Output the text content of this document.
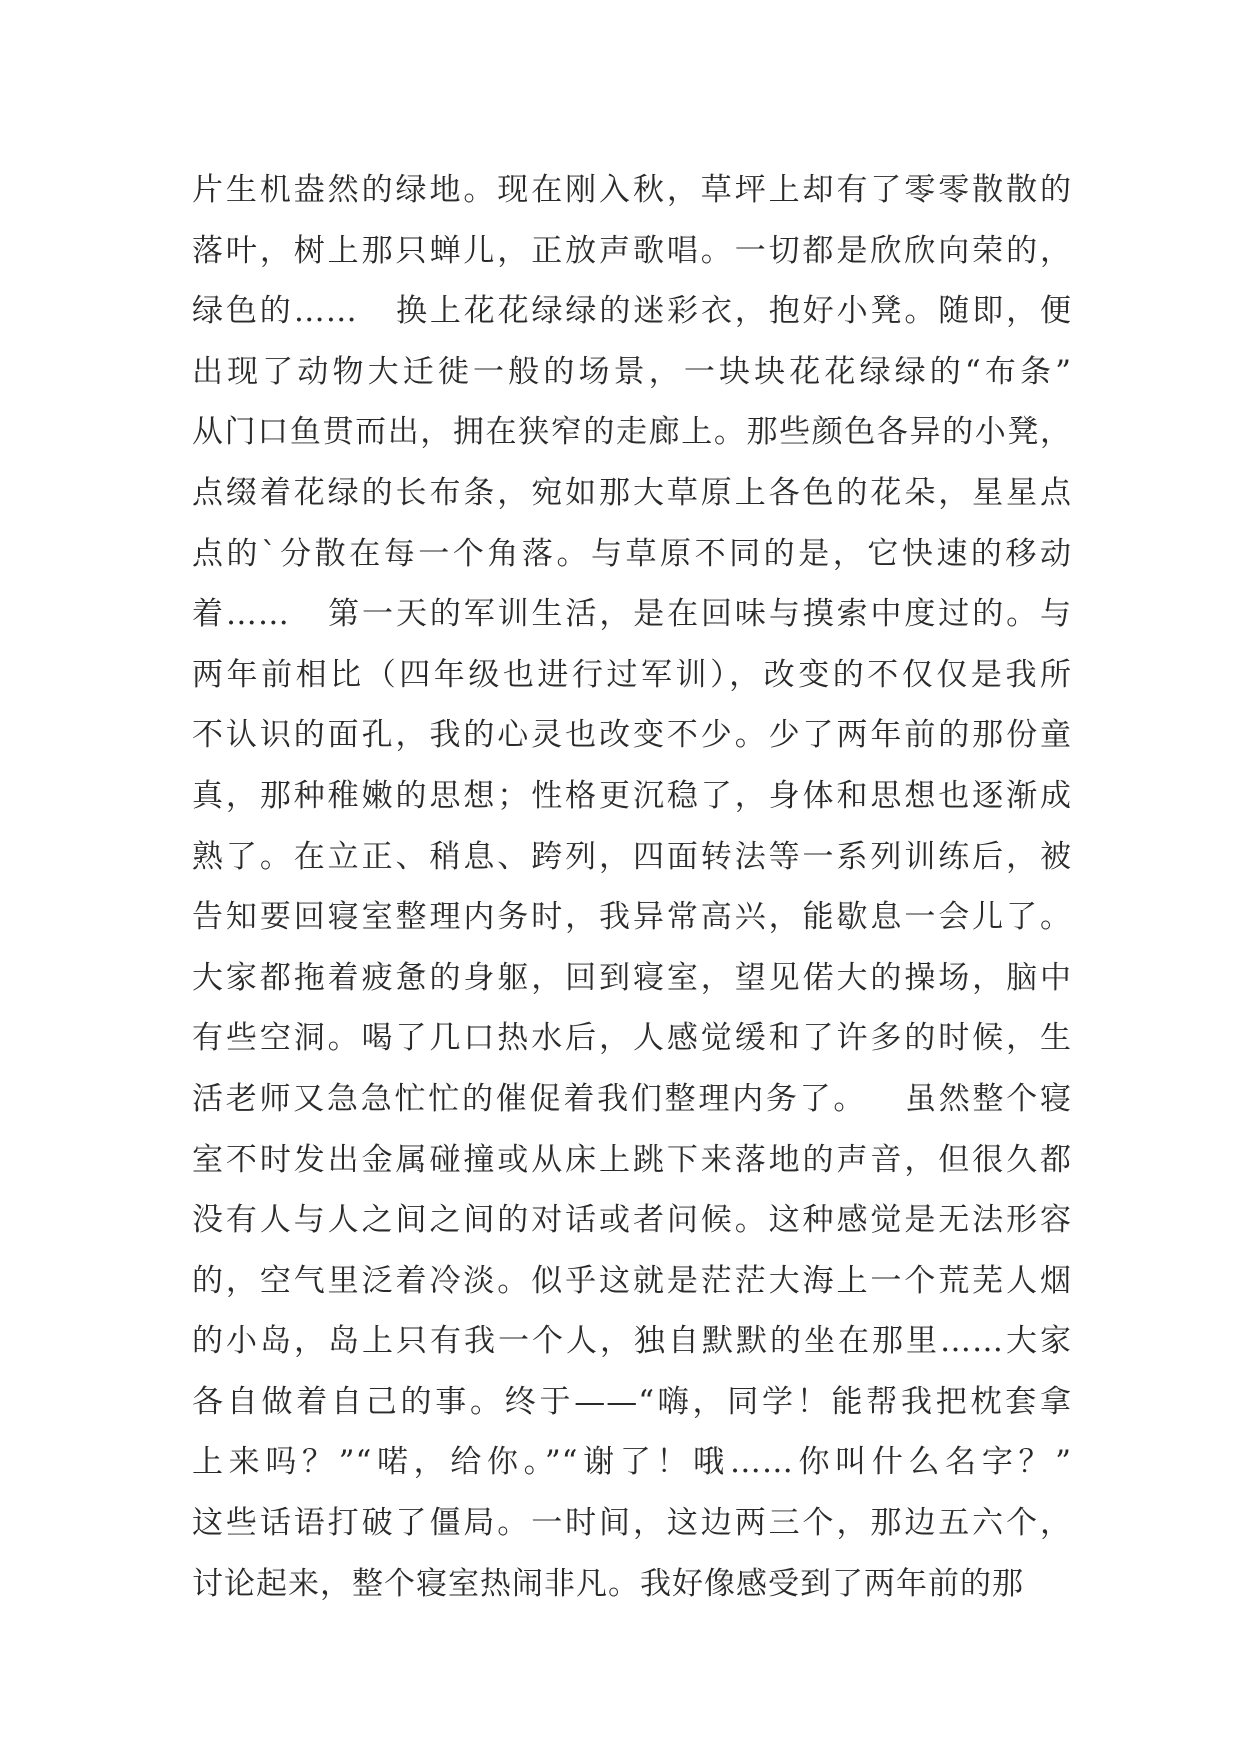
片生机盎然的绿地。现在刚入秋，草坪上却有了零零散散的
落叶，树上那只蝉儿，正放声歌唱。一切都是欣欣向荣的，
绿色的……   换上花花绿绿的迷彩衣，抱好小凳。随即，便
出现了动物大迁徙一般的场景，一块块花花绿绿的“布条”
从门口鱼贯而出，拥在狭窄的走廊上。那些颜色各异的小凳，
点缀着花绿的长布条，宛如那大草原上各色的花朵，星星点
点的`分散在每一个角落。与草原不同的是，它快速的移动
着……   第一天的军训生活，是在回味与摸索中度过的。与
两年前相比（四年级也进行过军训），改变的不仅仅是我所
不认识的面孔，我的心灵也改变不少。少了两年前的那份童
真，那种稚嫩的思想；性格更沉稳了，身体和思想也逐渐成
熟了。在立正、稍息、跨列，四面转法等一系列训练后，被
告知要回寝室整理内务时，我异常高兴，能歇息一会儿了。
大家都拖着疲惫的身躯，回到寝室，望见偌大的操场，脑中
有些空洞。喝了几口热水后，人感觉缓和了许多的时候，生
活老师又急急忙忙的催促着我们整理内务了。   虽然整个寝
室不时发出金属碰撞或从床上跳下来落地的声音，但很久都
没有人与人之间之间的对话或者问候。这种感觉是无法形容
的，空气里泛着冷淡。似乎这就是茫茫大海上一个荒芜人烟
的小岛，岛上只有我一个人，独自默默的坐在那里……大家
各自做着自己的事。终于——“嗨，同学！能帮我把枕套拿
上来吗？”“喏，给你。”“谢了！哦……你叫什么名字？”
这些话语打破了僵局。一时间，这边两三个，那边五六个，
讨论起来，整个寝室热闹非凡。我好像感受到了两年前的那
